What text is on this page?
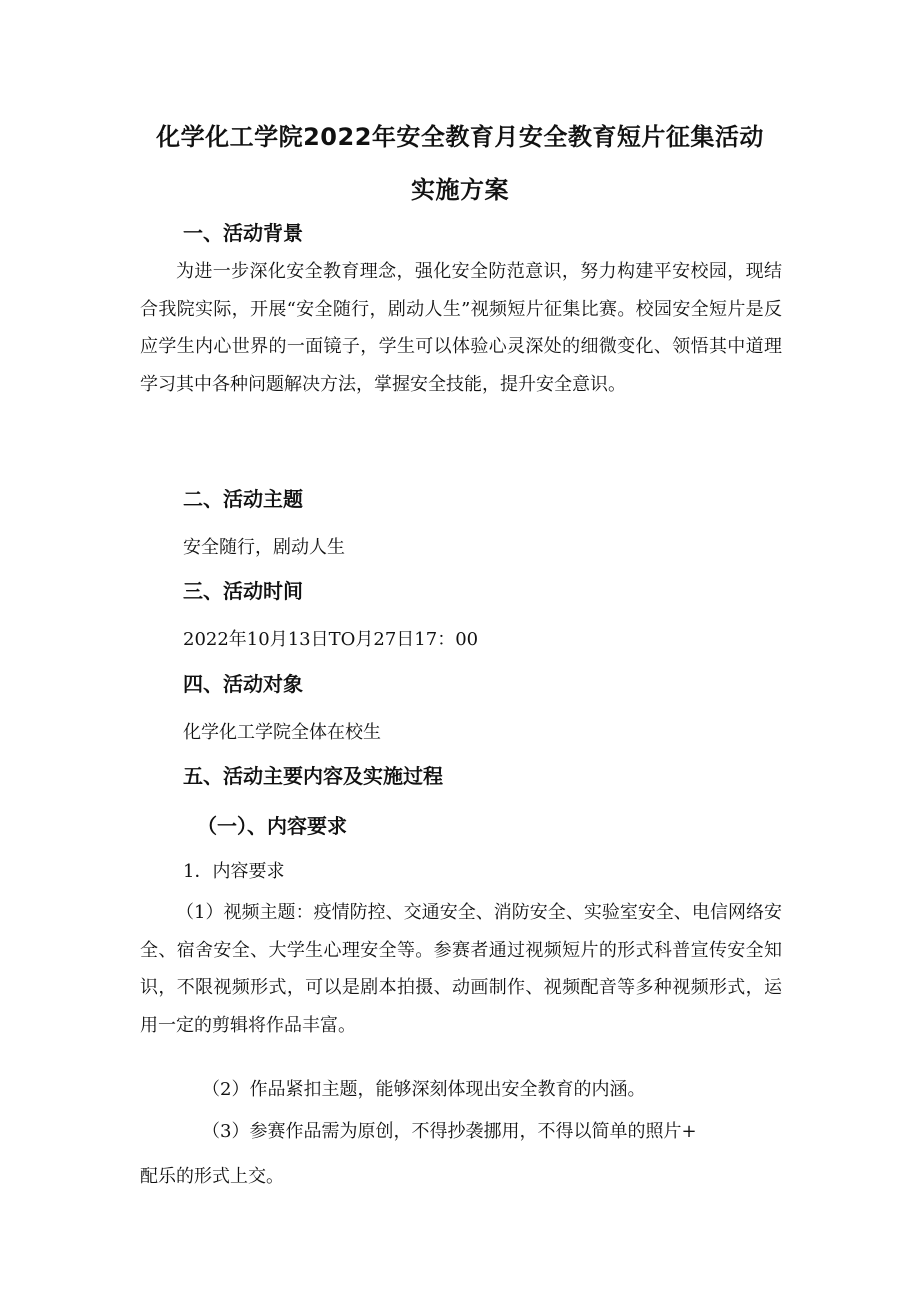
化学化工学院2022年安全教育月安全教育短片征集活动
实施方案
一、活动背景

为进一步深化安全教育理念，强化安全防范意识，努力构建平安校园，现结合我院实际，开展“安全随行，剧动人生”视频短片征集比赛。校园安全短片是反应学生内心世界的一面镜子，学生可以体验心灵深处的细微变化、领悟其中道理学习其中各种问题解决方法，掌握安全技能，提升安全意识。

二、活动主题
安全随行，剧动人生
三、活动时间
2022年10月13日TO月27日17：00
四、活动对象
化学化工学院全体在校生
五、活动主要内容及实施过程
（一）、内容要求
1．内容要求

（1）视频主题：疫情防控、交通安全、消防安全、实验室安全、电信网络安全、宿舍安全、大学生心理安全等。参赛者通过视频短片的形式科普宣传安全知识，不限视频形式，可以是剧本拍摄、动画制作、视频配音等多种视频形式，运用一定的剪辑将作品丰富。

（2）作品紧扣主题，能够深刻体现出安全教育的内涵。
（3）参赛作品需为原创，不得抄袭挪用，不得以简单的照片+
配乐的形式上交。
